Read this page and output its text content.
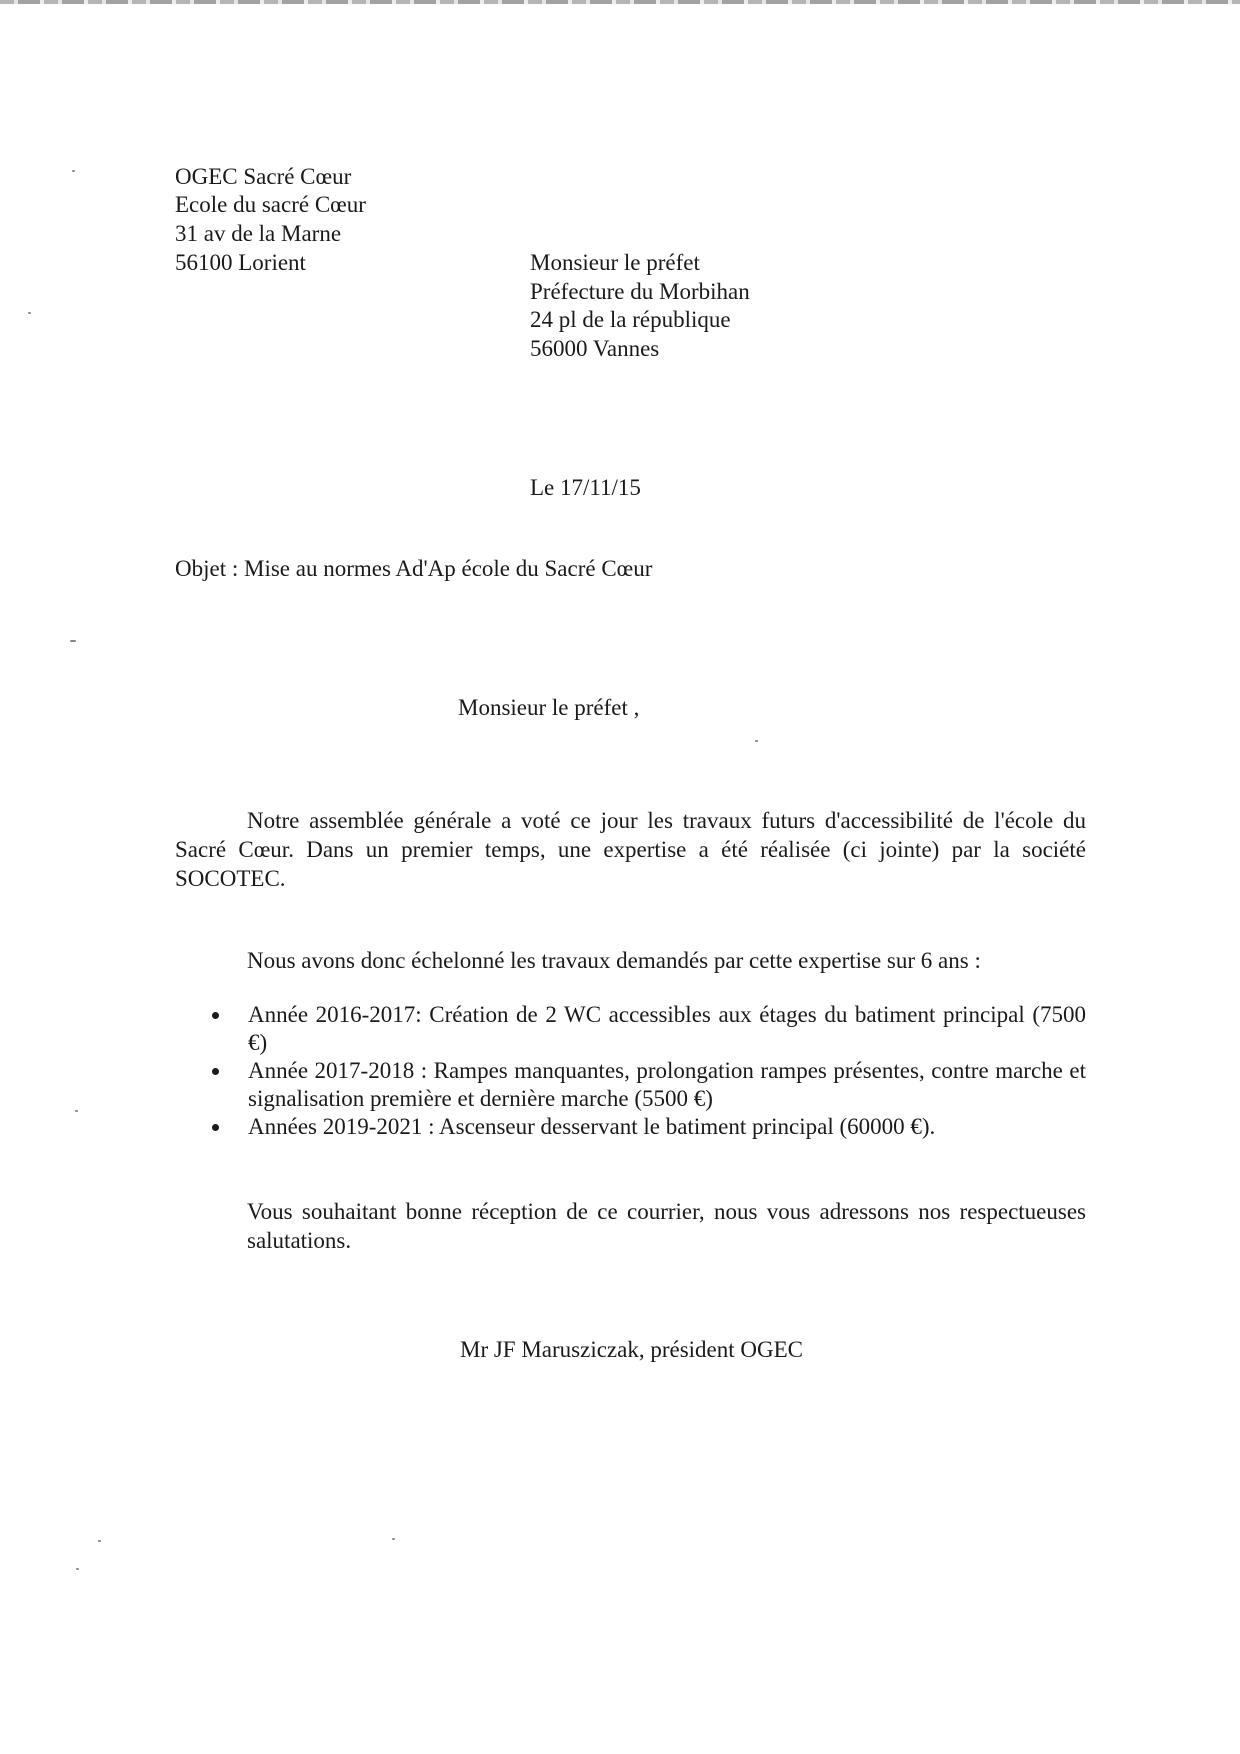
OGEC Sacré Cœur
Ecole du sacré Cœur
31 av de la Marne
56100 Lorient	Monsieur le préfet
Préfecture du Morbihan
24 pl de la république
56000 Vannes
Le 17/11/15
Objet : Mise au normes Ad'Ap école du Sacré Cœur
Monsieur le préfet ,
Notre assemblée générale a voté ce jour les travaux futurs d'accessibilité de l'école du Sacré Cœur. Dans un premier temps, une expertise a été réalisée (ci jointe) par la société SOCOTEC.
Nous avons donc échelonné les travaux demandés par cette expertise sur 6 ans :
Année 2016-2017: Création de 2 WC accessibles aux étages du batiment principal (7500 €)
Année 2017-2018 : Rampes manquantes, prolongation rampes présentes, contre marche et signalisation première et dernière marche (5500 €)
Années 2019-2021 : Ascenseur desservant le batiment principal (60000 €).
Vous souhaitant bonne réception de ce courrier, nous vous adressons nos respectueuses salutations.
Mr JF Marusziczak, président OGEC
